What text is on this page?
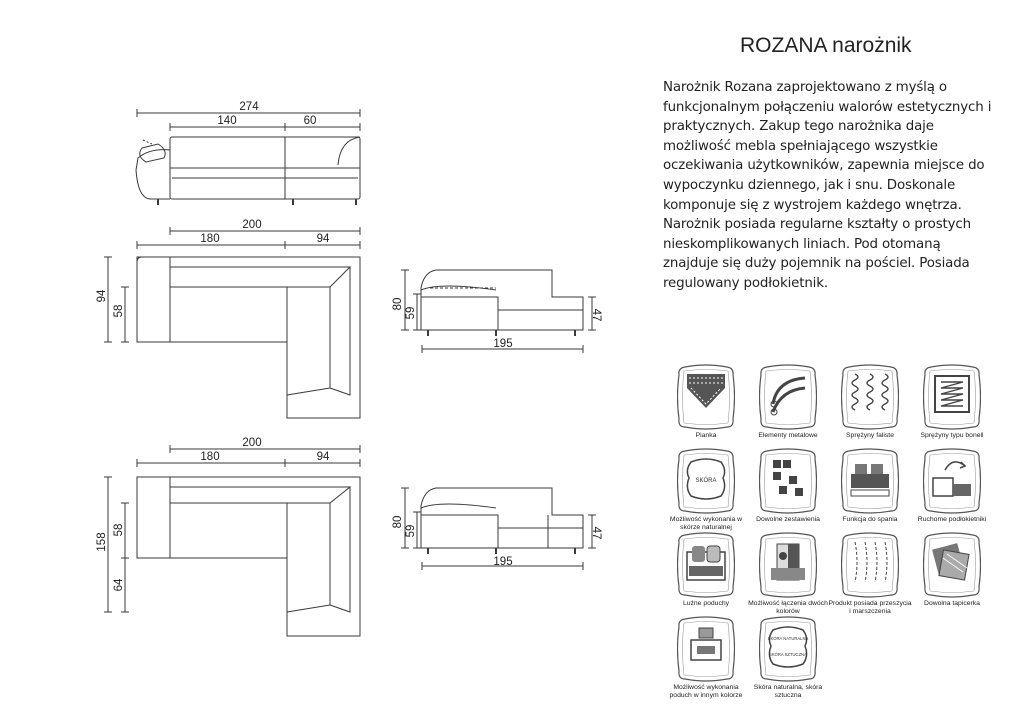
274
140	60
200
180	94
94
58
80
59	47
195
200
180	94
158
58
64
80
59	47
195
ROZANA narożnik
Narożnik Rozana zaprojektowano z myślą o funkcjonalnym połączeniu walorów estetycznych i praktycznych. Zakup tego narożnika daje możliwość mebla spełniającego wszystkie oczekiwania użytkowników, zapewnia miejsce do wypoczynku dziennego, jak i snu. Doskonale komponuje się z wystrojem każdego wnętrza. Narożnik posiada regularne kształty o prostych nieskomplikowanych liniach. Pod otomaną znajduje się duży pojemnik na pościel. Posiada regulowany podłokietnik.
Pianka	Elementy metalowe	Sprężyny faliste	Sprężyny typu bonell
SKÓRA
Możliwość wykonania w skórze naturalnej
Dowolne zestawienia	Funkcja do spania	Ruchome podłokietniki
Luźne poduchy	Możliwość łączenia dwóch kolorów
Produkt posiada przeszycia i marszczenia
Dowolna tapicerka
Możliwość wykonania poduch w innym kolorze
SKÓRA NATURALNA
SKÓRA SZTUCZNA
Skóra naturalna, skóra sztuczna
